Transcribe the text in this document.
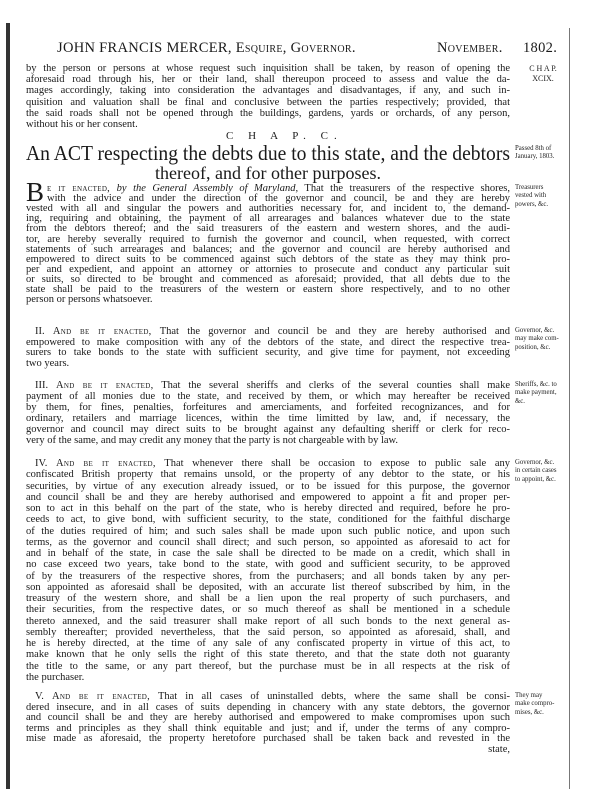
JOHN FRANCIS MERCER, Esquire, Governor.	November. 1802.
by the person or persons at whose request such inquisition shall be taken, by reason of opening the
aforesaid road through his, her or their land, shall thereupon proceed to assess and value the da-
mages accordingly, taking into consideration the advantages and disadvantages, if any, and such in-
quisition and valuation shall be final and conclusive between the parties respectively; provided, that
the said roads shall not be opened through the buildings, gardens, yards or orchards, of any person,
without his or her consent.
e it enacted, by the General Assembly of Maryland, That the treasurers of the respective shores,
with the advice and under the direction of the governor and council, be and they are hereby
vested with all and singular the powers and authorities necessary for, and incident to, the demand-
ing, requiring and obtaining, the payment of all arrearages and balances whatever due to the state
from the debtors thereof; and the said treasurers of the eastern and western shores, and the audi-
tor, are hereby severally required to furnish the governor and council, when requested, with correct
statements of such arrearages and balances; and the governor and council are hereby authorised and
empowered to direct suits to be commenced against such debtors of the state as they may think pro-
per and expedient, and appoint an attorney or attornies to prosecute and conduct any particular suit
or suits, so directed to be brought and commenced as aforesaid; provided, that all debts due to the
state shall be paid to the treasurers of the western or eastern shore respectively, and to no other
person or persons whatsoever.
II. And be it enacted, That the governor and council be and they are hereby authorised and
empowered to make composition with any of the debtors of the state, and direct the respective trea-
surers to take bonds to the state with sufficient security, and give time for payment, not exceeding
two years.
III. And be it enacted, That the several sheriffs and clerks of the several counties shall make
payment of all monies due to the state, and received by them, or which may hereafter be received
by them, for fines, penalties, forfeitures and amerciaments, and forfeited recognizances, and for
ordinary, retailers and marriage licences, within the time limitted by law, and, if necessary, the
governor and council may direct suits to be brought against any defaulting sheriff or clerk for reco-
very of the same, and may credit any money that the party is not chargeable with by law.
IV. And be it enacted, That whenever there shall be occasion to expose to public sale any
confiscated British property that remains unsold, or the property of any debtor to the state, or his
securities, by virtue of any execution already issued, or to be issued for this purpose, the governor
and council shall be and they are hereby authorised and empowered to appoint a fit and proper per-
son to act in this behalf on the part of the state, who is hereby directed and required, before he pro-
ceeds to act, to give bond, with sufficient security, to the state, conditioned for the faithful discharge
of the duties required of him; and such sales shall be made upon such public notice, and upon such
terms, as the governor and council shall direct; and such person, so appointed as aforesaid to act for
and in behalf of the state, in case the sale shall be directed to be made on a credit, which shall in
no case exceed two years, take bond to the state, with good and sufficient security, to be approved
of by the treasurers of the respective shores, from the purchasers; and all bonds taken by any per-
son appointed as aforesaid shall be deposited, with an accurate list thereof subscribed by him, in the
treasury of the western shore, and shall be a lien upon the real property of such purchasers, and
their securities, from the respective dates, or so much thereof as shall be mentioned in a schedule
thereto annexed, and the said treasurer shall make report of all such bonds to the next general as-
sembly thereafter; provided nevertheless, that the said person, so appointed as aforesaid, shall, and
he is hereby directed, at the time of any sale of any confiscated property in virtue of this act, to
make known that he only sells the right of this state thereto, and that the state doth not guaranty
the title to the same, or any part thereof, but the purchase must be in all respects at the risk of
the purchaser.
V. And be it enacted, That in all cases of uninstalled debts, where the same shall be consi-
dered insecure, and in all cases of suits depending in chancery with any state debtors, the governor
and council shall be and they are hereby authorised and empowered to make compromises upon such
terms and principles as they shall think equitable and just; and if, under the terms of any compro-
mise made as aforesaid, the property heretofore purchased shall be taken back and revested in the
state,
C H A P. C.
An ACT respecting the debts due to this state, and the debtors
thereof, and for other purposes.
B
C H A P.
XCIX.
Passed 8th of
January, 1803.
Treasurers
vested with
powers, &c.
Governor, &c.
may make com-
position, &c.
Sheriffs, &c. to
make payment,
&c.
Governor, &c.
in certain cases
to appoint, &c.
They may
make compro-
mises, &c.
